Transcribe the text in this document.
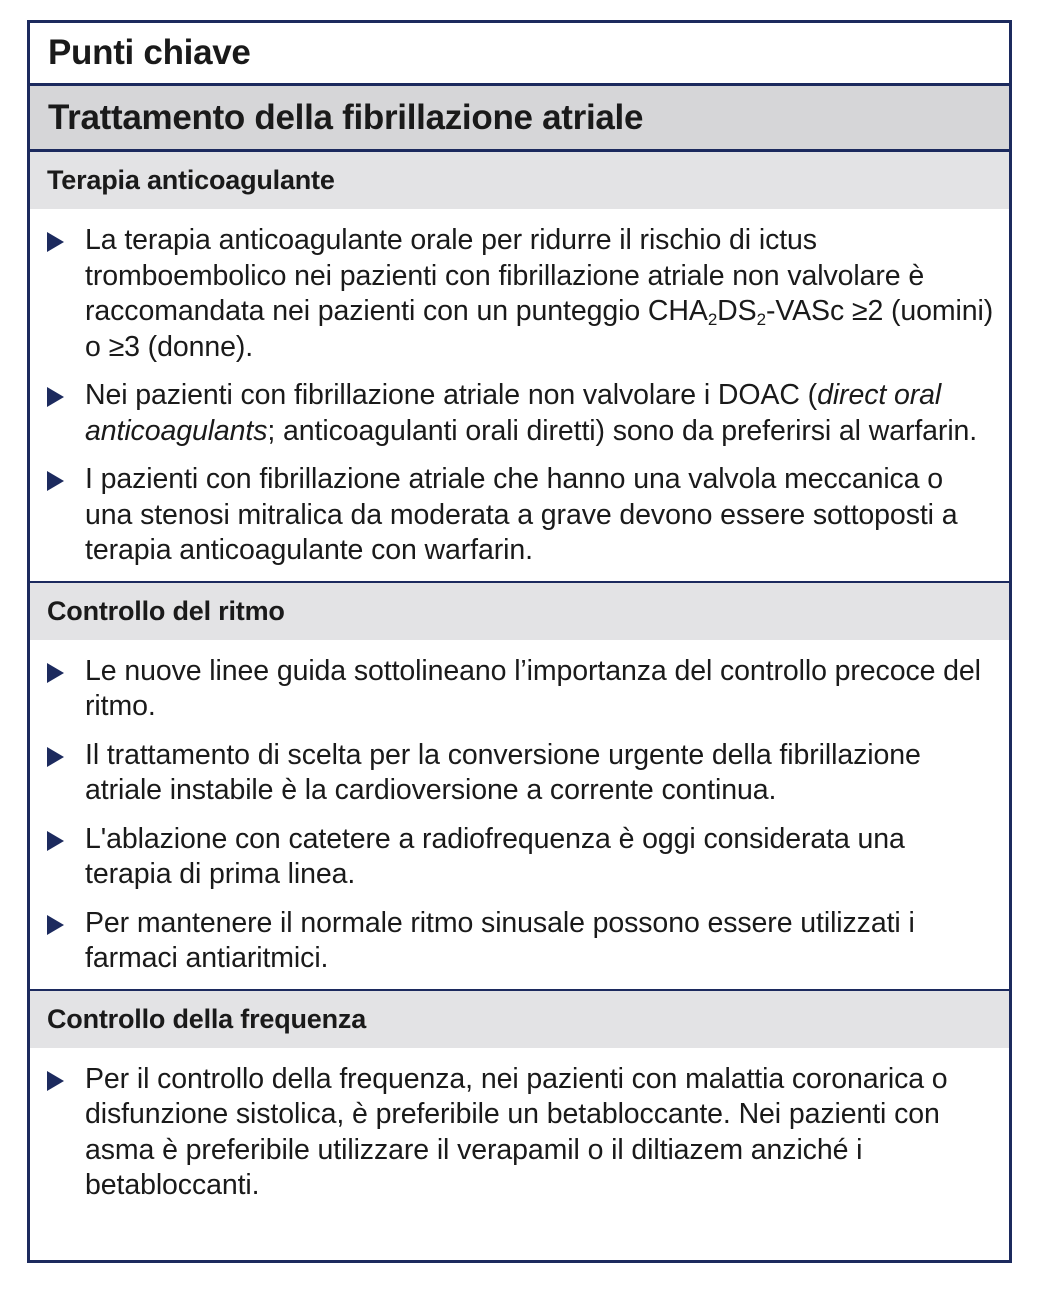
Punti chiave
Trattamento della fibrillazione atriale
Terapia anticoagulante
La terapia anticoagulante orale per ridurre il rischio di ictus tromboembolico nei pazienti con fibrillazione atriale non valvolare è raccomandata nei pazienti con un punteggio $CHA_2DS_2$-VASc ≥2 (uomini) o ≥3 (donne).
Nei pazienti con fibrillazione atriale non valvolare i DOAC (direct oral anticoagulants; anticoagulanti orali diretti) sono da preferirsi al warfarin.
I pazienti con fibrillazione atriale che hanno una valvola meccanica o una stenosi mitralica da moderata a grave devono essere sottoposti a terapia anticoagulante con warfarin.
Controllo del ritmo
Le nuove linee guida sottolineano l’importanza del controllo precoce del ritmo.
Il trattamento di scelta per la conversione urgente della fibrillazione atriale instabile è la cardioversione a corrente continua.
L'ablazione con catetere a radiofrequenza è oggi considerata una terapia di prima linea.
Per mantenere il normale ritmo sinusale possono essere utilizzati i farmaci antiaritmici.
Controllo della frequenza
Per il controllo della frequenza, nei pazienti con malattia coronarica o disfunzione sistolica, è preferibile un betabloccante. Nei pazienti con asma è preferibile utilizzare il verapamil o il diltiazem anziché i betabloccanti.
